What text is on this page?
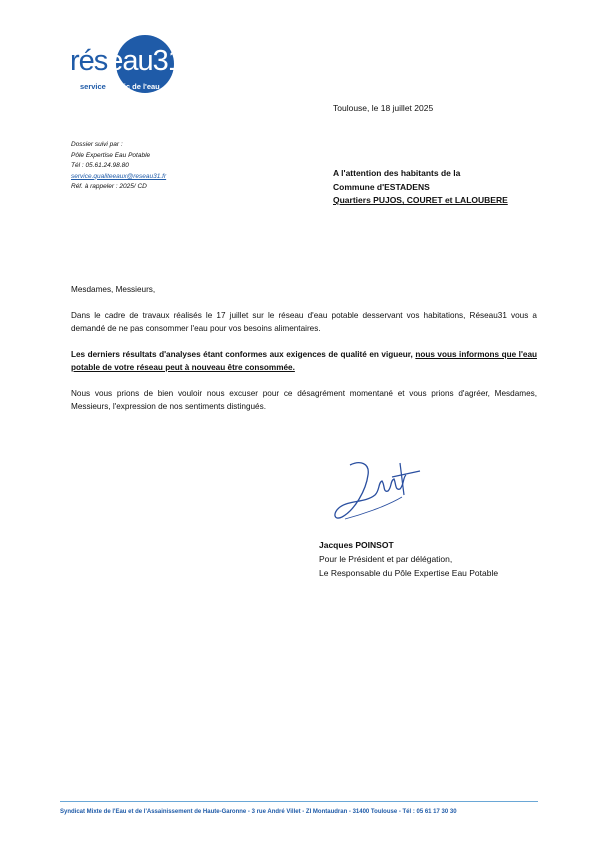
réseau31
service public de l'eau
Toulouse, le 18 juillet 2025
Dossier suivi par :
Pôle Expertise Eau Potable
Tél : 05.61.24.98.80
service.qualiteeaux@reseau31.fr
Réf. à rappeler : 2025/ CD
A l'attention des habitants de la
Commune d'ESTADENS
Quartiers PUJOS, COURET et LALOUBERE
Mesdames, Messieurs,
Dans le cadre de travaux réalisés le 17 juillet sur le réseau d'eau potable desservant vos habitations, Réseau31 vous a demandé de ne pas consommer l'eau pour vos besoins alimentaires.
Les derniers résultats d'analyses étant conformes aux exigences de qualité en vigueur, nous vous informons que l'eau potable de votre réseau peut à nouveau être consommée.
Nous vous prions de bien vouloir nous excuser pour ce désagrément momentané et vous prions d'agréer, Mesdames, Messieurs, l'expression de nos sentiments distingués.
Jacques POINSOT
Pour le Président et par délégation,
Le Responsable du Pôle Expertise Eau Potable
Syndicat Mixte de l'Eau et de l'Assainissement de Haute-Garonne - 3 rue André Villet - ZI Montaudran - 31400 Toulouse - Tél : 05 61 17 30 30
